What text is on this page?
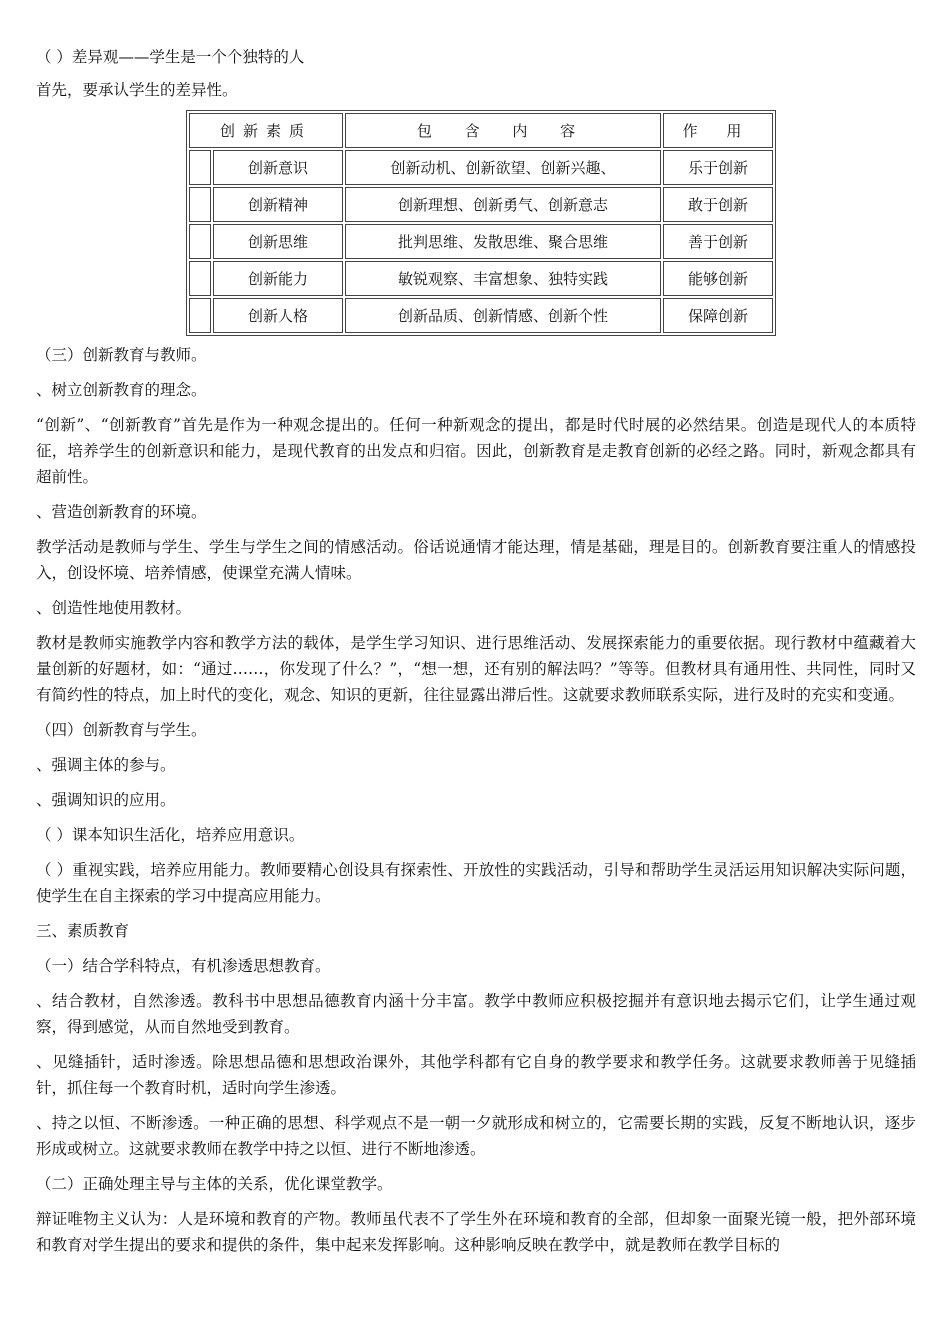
（ ）差异观——学生是一个个独特的人

首先，要承认学生的差异性。

创新素质		包 含 内 容	作 用
	创新意识	创新动机、创新欲望、创新兴趣、	乐于创新
	创新精神	创新理想、创新勇气、创新意志	敢于创新
	创新思维	批判思维、发散思维、聚合思维	善于创新
	创新能力	敏锐观察、丰富想象、独特实践	能够创新
	创新人格	创新品质、创新情感、创新个性	保障创新

（三）创新教育与教师。

、树立创新教育的理念。

“创新”、“创新教育”首先是作为一种观念提出的。任何一种新观念的提出，都是时代时展的必然结果。创造是现代人的本质特征，培养学生的创新意识和能力，是现代教育的出发点和归宿。因此，创新教育是走教育创新的必经之路。同时，新观念都具有超前性。

、营造创新教育的环境。

教学活动是教师与学生、学生与学生之间的情感活动。俗话说通情才能达理，情是基础，理是目的。创新教育要注重人的情感投入，创设怀境、培养情感，使课堂充满人情味。

、创造性地使用教材。

教材是教师实施教学内容和教学方法的载体，是学生学习知识、进行思维活动、发展探索能力的重要依据。现行教材中蕴藏着大量创新的好题材，如：“通过……，你发现了什么？”，“想一想，还有别的解法吗？”等等。但教材具有通用性、共同性，同时又有简约性的特点，加上时代的变化，观念、知识的更新，往往显露出滞后性。这就要求教师联系实际，进行及时的充实和变通。

（四）创新教育与学生。

、强调主体的参与。

、强调知识的应用。

（ ）课本知识生活化，培养应用意识。

（ ）重视实践，培养应用能力。教师要精心创设具有探索性、开放性的实践活动，引导和帮助学生灵活运用知识解决实际问题，使学生在自主探索的学习中提高应用能力。

三、素质教育

（一）结合学科特点，有机渗透思想教育。

、结合教材，自然渗透。教科书中思想品德教育内涵十分丰富。教学中教师应积极挖掘并有意识地去揭示它们，让学生通过观察，得到感觉，从而自然地受到教育。

、见缝插针，适时渗透。除思想品德和思想政治课外，其他学科都有它自身的教学要求和教学任务。这就要求教师善于见缝插针，抓住每一个教育时机，适时向学生渗透。

、持之以恒、不断渗透。一种正确的思想、科学观点不是一朝一夕就形成和树立的，它需要长期的实践，反复不断地认识，逐步形成或树立。这就要求教师在教学中持之以恒、进行不断地渗透。

（二）正确处理主导与主体的关系，优化课堂教学。

辩证唯物主义认为：人是环境和教育的产物。教师虽代表不了学生外在环境和教育的全部，但却象一面聚光镜一般，把外部环境和教育对学生提出的要求和提供的条件，集中起来发挥影响。这种影响反映在教学中，就是教师在教学目标的
